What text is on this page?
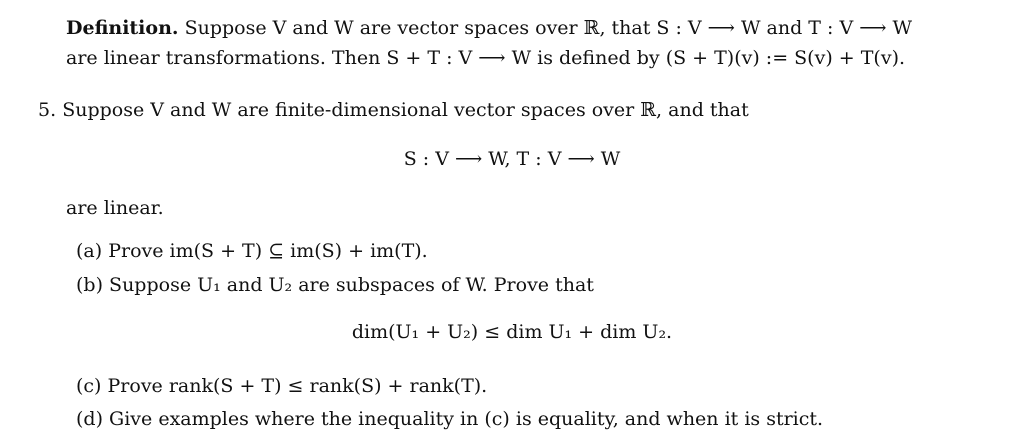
Definition. Suppose V and W are vector spaces over ℝ, that S : V ⟶ W and T : V ⟶ W
are linear transformations. Then S + T : V ⟶ W is defined by (S + T)(v) := S(v) + T(v).
5. Suppose V and W are finite-dimensional vector spaces over ℝ, and that
S : V ⟶ W, T : V ⟶ W
are linear.
(a) Prove im(S + T) ⊆ im(S) + im(T).
(b) Suppose U₁ and U₂ are subspaces of W. Prove that
dim(U₁ + U₂) ≤ dim U₁ + dim U₂.
(c) Prove rank(S + T) ≤ rank(S) + rank(T).
(d) Give examples where the inequality in (c) is equality, and when it is strict.
